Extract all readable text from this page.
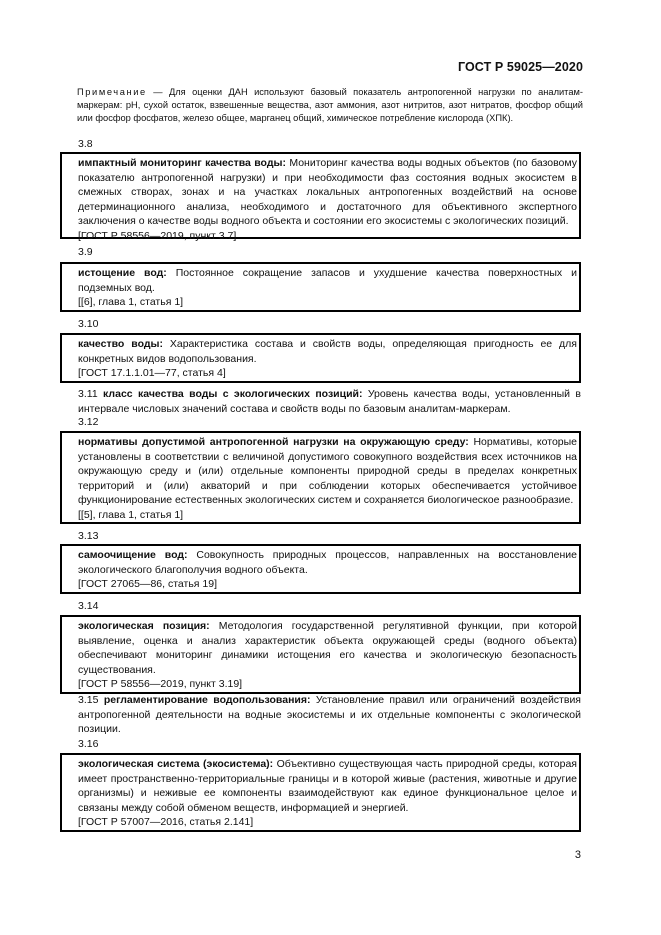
ГОСТ Р 59025—2020
Примечание — Для оценки ДАН используют базовый показатель антропогенной нагрузки по аналитам-маркерам: pH, сухой остаток, взвешенные вещества, азот аммония, азот нитритов, азот нитратов, фосфор общий или фосфор фосфатов, железо общее, марганец общий, химическое потребление кислорода (ХПК).
3.8

импактный мониторинг качества воды: Мониторинг качества воды водных объектов (по базовому показателю антропогенной нагрузки) и при необходимости фаз состояния водных экосистем в смежных створах, зонах и на участках локальных антропогенных воздействий на основе детерминационного анализа, необходимого и достаточного для объективного экспертного заключения о качестве воды водного объекта и состоянии его экосистемы с экологических позиций.

[ГОСТ Р 58556—2019, пункт 3.7]

3.9

истощение вод: Постоянное сокращение запасов и ухудшение качества поверхностных и подземных вод.

[[6], глава 1, статья 1]

3.10

качество воды: Характеристика состава и свойств воды, определяющая пригодность ее для конкретных видов водопользования.

[ГОСТ 17.1.1.01—77, статья 4]

3.11 класс качества воды с экологических позиций: Уровень качества воды, установленный в интервале числовых значений состава и свойств воды по базовым аналитам-маркерам.

3.12

нормативы допустимой антропогенной нагрузки на окружающую среду: Нормативы, которые установлены в соответствии с величиной допустимого совокупного воздействия всех источников на окружающую среду и (или) отдельные компоненты природной среды в пределах конкретных территорий и (или) акваторий и при соблюдении которых обеспечивается устойчивое функционирование естественных экологических систем и сохраняется биологическое разнообразие.

[[5], глава 1, статья 1]

3.13

самоочищение вод: Совокупность природных процессов, направленных на восстановление экологического благополучия водного объекта.

[ГОСТ 27065—86, статья 19]

3.14

экологическая позиция: Методология государственной регулятивной функции, при которой выявление, оценка и анализ характеристик объекта окружающей среды (водного объекта) обеспечивают мониторинг динамики истощения его качества и экологическую безопасность существования.

[ГОСТ Р 58556—2019, пункт 3.19]

3.15 регламентирование водопользования: Установление правил или ограничений воздействия антропогенной деятельности на водные экосистемы и их отдельные компоненты с экологической позиции.

3.16

экологическая система (экосистема): Объективно существующая часть природной среды, которая имеет пространственно-территориальные границы и в которой живые (растения, животные и другие организмы) и неживые ее компоненты взаимодействуют как единое функциональное целое и связаны между собой обменом веществ, информацией и энергией.

[ГОСТ Р 57007—2016, статья 2.141]

3
